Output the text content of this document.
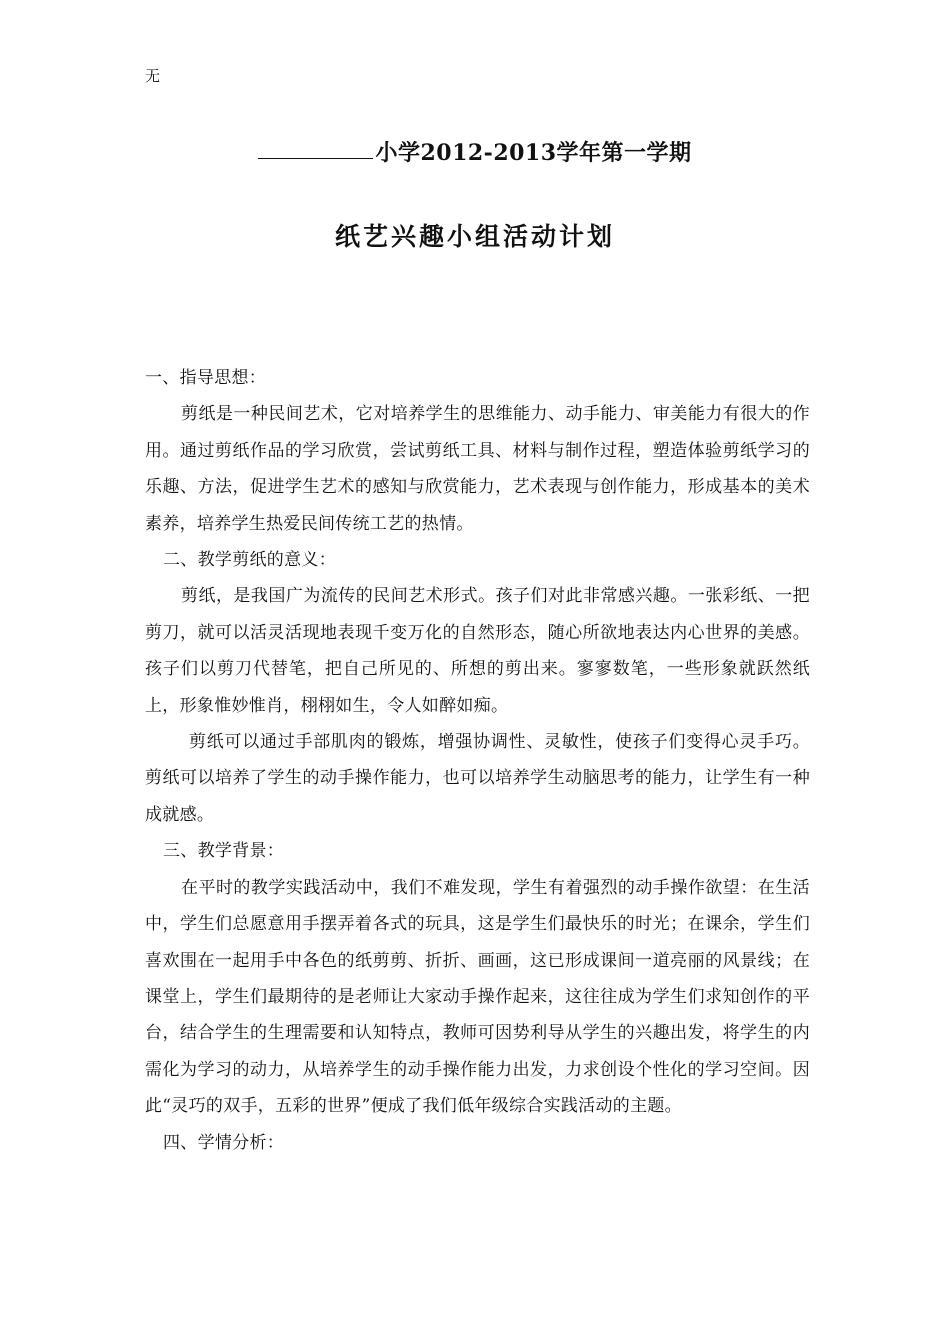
无
小学2012-2013学年第一学期
纸艺兴趣小组活动计划

一、指导思想：

剪纸是一种民间艺术，它对培养学生的思维能力、动手能力、审美能力有很大的作用。通过剪纸作品的学习欣赏，尝试剪纸工具、材料与制作过程，塑造体验剪纸学习的乐趣、方法，促进学生艺术的感知与欣赏能力，艺术表现与创作能力，形成基本的美术素养，培养学生热爱民间传统工艺的热情。

二、教学剪纸的意义：

剪纸，是我国广为流传的民间艺术形式。孩子们对此非常感兴趣。一张彩纸、一把剪刀，就可以活灵活现地表现千变万化的自然形态，随心所欲地表达内心世界的美感。孩子们以剪刀代替笔，把自己所见的、所想的剪出来。寥寥数笔，一些形象就跃然纸上，形象惟妙惟肖，栩栩如生，令人如醉如痴。

剪纸可以通过手部肌肉的锻炼，增强协调性、灵敏性，使孩子们变得心灵手巧。剪纸可以培养了学生的动手操作能力，也可以培养学生动脑思考的能力，让学生有一种成就感。

三、教学背景：

在平时的教学实践活动中，我们不难发现，学生有着强烈的动手操作欲望：在生活中，学生们总愿意用手摆弄着各式的玩具，这是学生们最快乐的时光；在课余，学生们喜欢围在一起用手中各色的纸剪剪、折折、画画，这已形成课间一道亮丽的风景线；在课堂上，学生们最期待的是老师让大家动手操作起来，这往往成为学生们求知创作的平台，结合学生的生理需要和认知特点，教师可因势利导从学生的兴趣出发，将学生的内需化为学习的动力，从培养学生的动手操作能力出发，力求创设个性化的学习空间。因此“灵巧的双手，五彩的世界”便成了我们低年级综合实践活动的主题。

四、学情分析：
